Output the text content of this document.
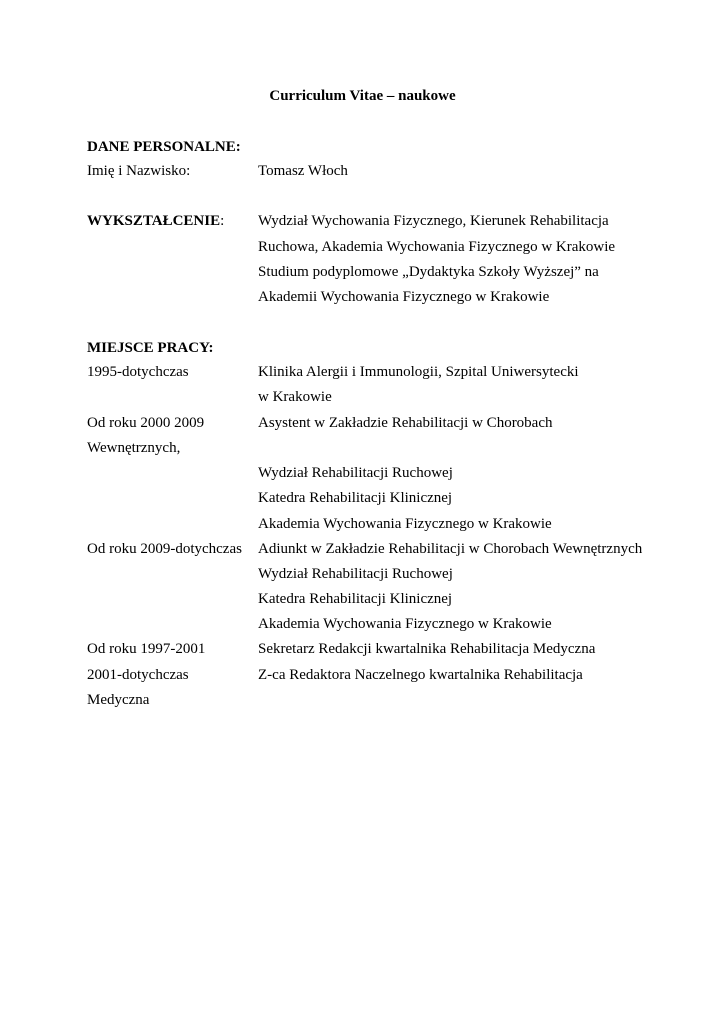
Curriculum Vitae – naukowe
DANE PERSONALNE:
Imię i Nazwisko:	Tomasz Włoch
WYKSZTAŁCENIE: Wydział Wychowania Fizycznego, Kierunek Rehabilitacja
Ruchowa, Akademia Wychowania Fizycznego w Krakowie
Studium podyplomowe „Dydaktyka Szkoły Wyższej” na
Akademii Wychowania Fizycznego w Krakowie
MIEJSCE PRACY:
1995-dotychczas	Klinika Alergii i Immunologii, Szpital Uniwersytecki
w Krakowie
Od roku 2000 2009	Asystent w Zakładzie Rehabilitacji w Chorobach
Wewnętrznych,
Wydział Rehabilitacji Ruchowej
Katedra Rehabilitacji Klinicznej
Akademia Wychowania Fizycznego w Krakowie
Od roku 2009-dotychczas Adiunkt w Zakładzie Rehabilitacji w Chorobach Wewnętrznych
Wydział Rehabilitacji Ruchowej
Katedra Rehabilitacji Klinicznej
Akademia Wychowania Fizycznego w Krakowie
Od roku 1997-2001	Sekretarz Redakcji kwartalnika Rehabilitacja Medyczna
2001-dotychczas	Z-ca Redaktora Naczelnego kwartalnika Rehabilitacja
Medyczna
